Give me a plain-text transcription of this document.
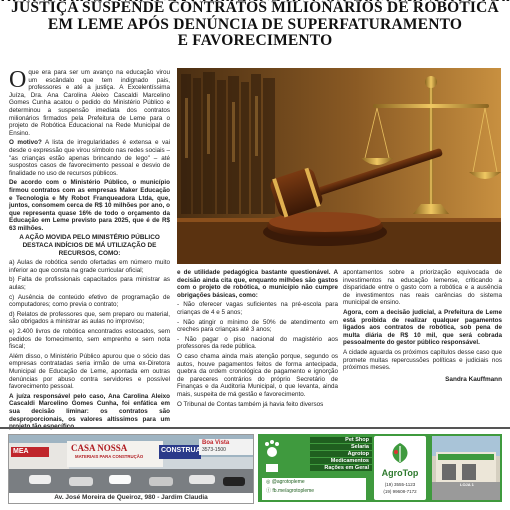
JUSTIÇA SUSPENDE CONTRATOS MILIONÁRIOS DE ROBÓTICA
EM LEME APÓS DENÚNCIA DE SUPERFATURAMENTO
E FAVORECIMENTO

Oque era para ser um avanço na educação virou um escândalo que tem indignado pais, professores e até a justiça. A Excelentíssima Juíza, Dra. Ana Carolina Aleixo Cascaldi Marcelino Gomes Cunha acatou o pedido do Ministério Público e determinou a suspensão imediata dos contratos milionários firmados pela Prefeitura de Leme para o projeto de Robótica Educacional na Rede Municipal de Ensino.

O motivo? A lista de irregularidades é extensa e vai desde o expressão que virou símbolo nas redes sociais – "as crianças estão apenas brincando de lego" – até suspostos casos de favorecimento pessoal e desvio de finalidade no uso de recursos públicos.

De acordo com o Ministério Público, o município firmou contratos com as empresas Maker Educação e Tecnologia e My Robot Franqueadora Ltda, que, juntos, consomem cerca de R$ 10 milhões por ano, o que representa quase 16% de todo o orçamento da Educação em Leme previsto para 2025, que é de R$ 63 milhões.

A AÇÃO MOVIDA PELO MINISTÉRIO PÚBLICO DESTACA INDÍCIOS DE MÁ UTILIZAÇÃO DE RECURSOS, COMO:

a) Aulas de robótica sendo ofertadas em número muito inferior ao que consta na grade curricular oficial;

b) Falta de profissionais capacitados para ministrar as aulas;

c) Ausência de conteúdo efetivo de programação de computadores; como previa o contrato;

d) Relatos de professores que, sem preparo ou material, são obrigados a ministrar as aulas no improviso;

e) 2.400 livros de robótica encontrados estocados, sem pedidos de fornecimento, sem emprenho e sem nota fiscal;

Além disso, o Ministério Público apurou que o sócio das empresas contratadas seria irmão de uma ex-Diretora Municipal de Educação de Leme, apontada em outras denúncias por abuso contra servidores e possível favorecimento pessoal.

A juíza responsável pelo caso, Ana Carolina Aleixo Cascaldi Marcelino Gomes Cunha, foi enfática em sua decisão liminar: os contratos são desproporcionais, os valores altíssimos para um

e de utilidade pedagógica bastante questionável. A decisão ainda cita que, enquanto milhões são gastos com o projeto de robótica, o município não cumpre obrigações básicas, como:

- Não oferecer vagas suficientes na pré-escola para crianças de 4 e 5 anos;

- Não atingir o mínimo de 50% de atendimento em creches para crianças até 3 anos;

- Não pagar o piso nacional do magistério aos professores da rede pública.

O caso chama ainda mais atenção porque, segundo os autos, houve pagamentos feitos de forma antecipada, quebra da ordem cronológica de pagamento e ignorção de pareceres contrários do próprio Secretário de Finanças e da Auditoria Municipal, o que levanta, ainda mais, suspeita de má gestão e favorecimento.

O Tribunal de Contas também já havia feito diversos

apontamentos sobre a priorização equivocada de investimentos na educação lemense, criticando a disparidade entre o gasto com a robótica e a ausência de investimentos nas reais carências do sistema municipal de ensino.

Agora, com a decisão judicial, a Prefeitura de Leme está proibida de realizar qualquer pagamentos ligados aos contratos de robótica, sob pena de multa diária de R$ 10 mil, que será cobrada pessoalmente do gestor público responsável.

A cidade aguarda os próximos capítulos desse caso que promete muitas repercussões políticas e judiciais nos próximos meses.

Sandra Kauffmann
MEA	CASA NOSSA
MATERIAIS PARA CONSTRUÇÃO
CONSTRUA
Boa Vista
3573-1500
Av. José Moreira de Queiroz, 980 - Jardim Claudia
Pet Shop
Selaria
Agrotop
Medicamentos
Rações em Geral
◎ @agrotopleme
ⓕ fb.me/agrotopleme
AgroTop
(19) 3555-1123
(19) 99608-7172
LOJA 1
